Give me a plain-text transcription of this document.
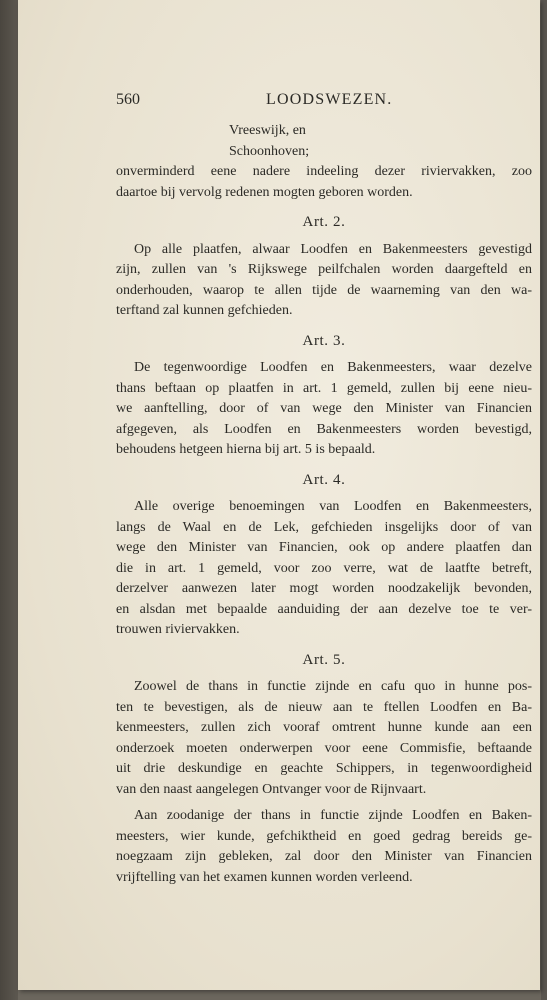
560	LOODSWEZEN.
Vreeswijk, en
Schoonhoven;
onverminderd eene nadere indeeling dezer riviervakken, zoo
daartoe bij vervolg redenen mogten geboren worden.
Art. 2.
Op alle plaatfen, alwaar Loodfen en Bakenmeesters gevestigd
zijn, zullen van 's Rijkswege peilfchalen worden daargefteld en
onderhouden, waarop te allen tijde de waarneming van den wa-
terftand zal kunnen gefchieden.
Art. 3.
De tegenwoordige Loodfen en Bakenmeesters, waar dezelve
thans beftaan op plaatfen in art. 1 gemeld, zullen bij eene nieu-
we aanftelling, door of van wege den Minister van Financien
afgegeven, als Loodfen en Bakenmeesters worden bevestigd,
behoudens hetgeen hierna bij art. 5 is bepaald.
Art. 4.
Alle overige benoemingen van Loodfen en Bakenmeesters,
langs de Waal en de Lek, gefchieden insgelijks door of van
wege den Minister van Financien, ook op andere plaatfen dan
die in art. 1 gemeld, voor zoo verre, wat de laatfte betreft,
derzelver aanwezen later mogt worden noodzakelijk bevonden,
en alsdan met bepaalde aanduiding der aan dezelve toe te ver-
trouwen riviervakken.
Art. 5.
Zoowel de thans in functie zijnde en cafu quo in hunne pos-
ten te bevestigen, als de nieuw aan te ftellen Loodfen en Ba-
kenmeesters, zullen zich vooraf omtrent hunne kunde aan een
onderzoek moeten onderwerpen voor eene Commisfie, beftaande
uit drie deskundige en geachte Schippers, in tegenwoordigheid
van den naast aangelegen Ontvanger voor de Rijnvaart.
Aan zoodanige der thans in functie zijnde Loodfen en Baken-
meesters, wier kunde, gefchiktheid en goed gedrag bereids ge-
noegzaam zijn gebleken, zal door den Minister van Financien
vrijftelling van het examen kunnen worden verleend.
